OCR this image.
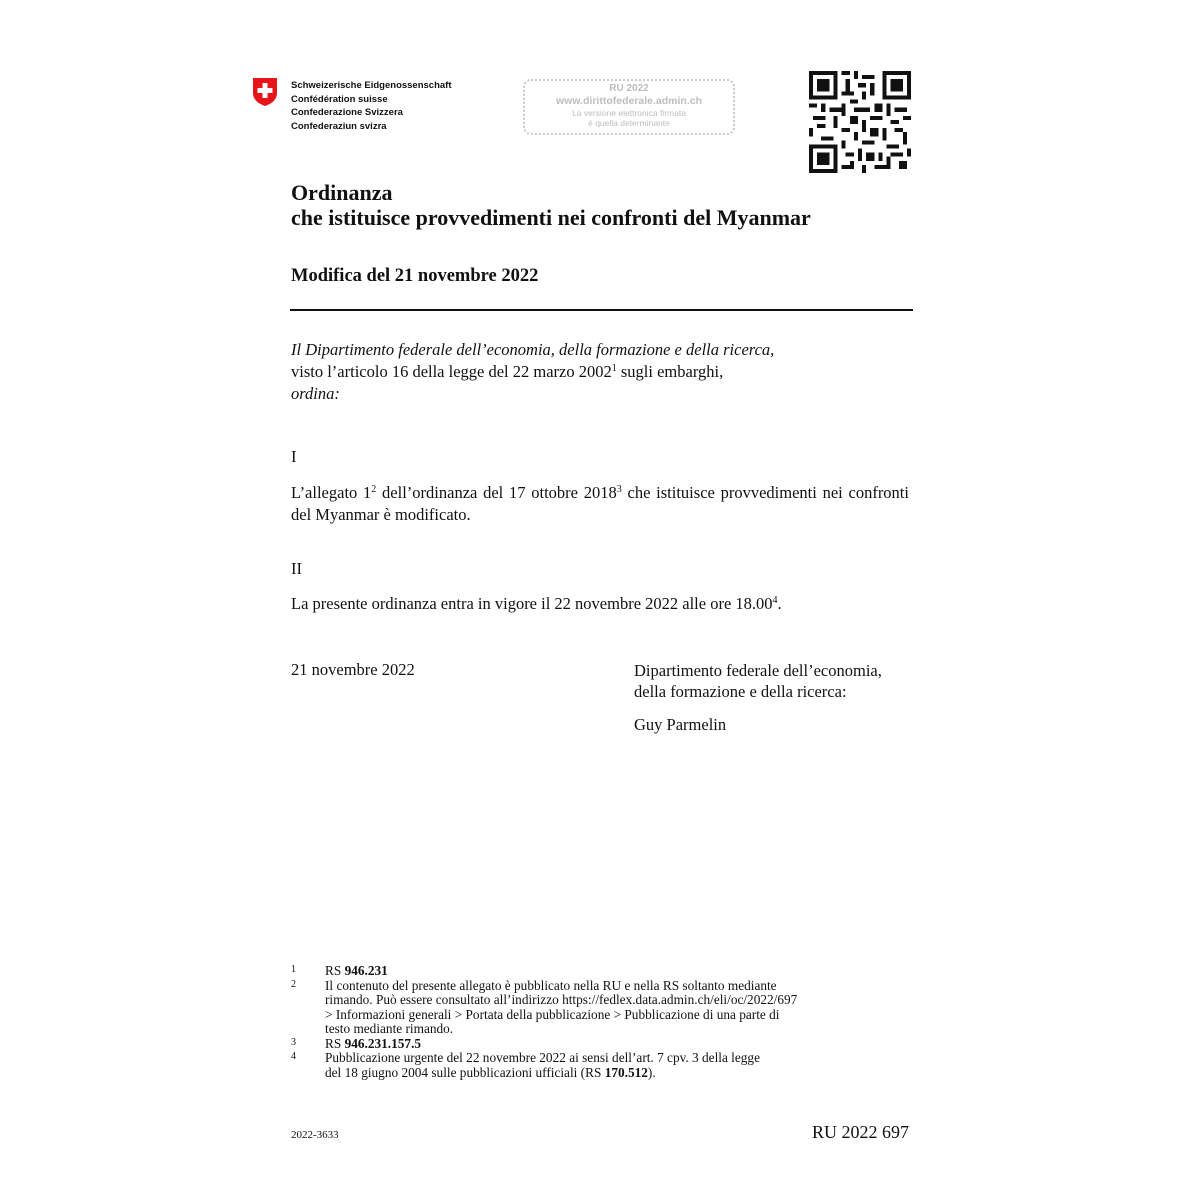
Schweizerische Eidgenossenschaft
Confédération suisse
Confederazione Svizzera
Confederaziun svizra
RU 2022
www.dirittofederale.admin.ch
La versione elettronica firmata
è quella determinante
Ordinanza
che istituisce provvedimenti nei confronti del Myanmar
Modifica del 21 novembre 2022
Il Dipartimento federale dell’economia, della formazione e della ricerca,
visto l’articolo 16 della legge del 22 marzo 2002$^1$ sugli embarghi,
ordina:
I
L’allegato $1^2$ dell’ordinanza del 17 ottobre 2018$^3$ che istituisce provvedimenti nei confronti del Myanmar è modificato.
II
La presente ordinanza entra in vigore il 22 novembre 2022 alle ore 18.00$^4$.
21 novembre 2022	Dipartimento federale dell’economia,
della formazione e della ricerca:
Guy Parmelin
1	RS 946.231
2	Il contenuto del presente allegato è pubblicato nella RU e nella RS soltanto mediante
rimando. Può essere consultato all’indirizzo https://fedlex.data.admin.ch/eli/oc/2022/697
> Informazioni generali > Portata della pubblicazione > Pubblicazione di una parte di
testo mediante rimando.
3	RS 946.231.157.5
4	Pubblicazione urgente del 22 novembre 2022 ai sensi dell’art. 7 cpv. 3 della legge
del 18 giugno 2004 sulle pubblicazioni ufficiali (RS 170.512).
2022-3633	RU 2022 697
